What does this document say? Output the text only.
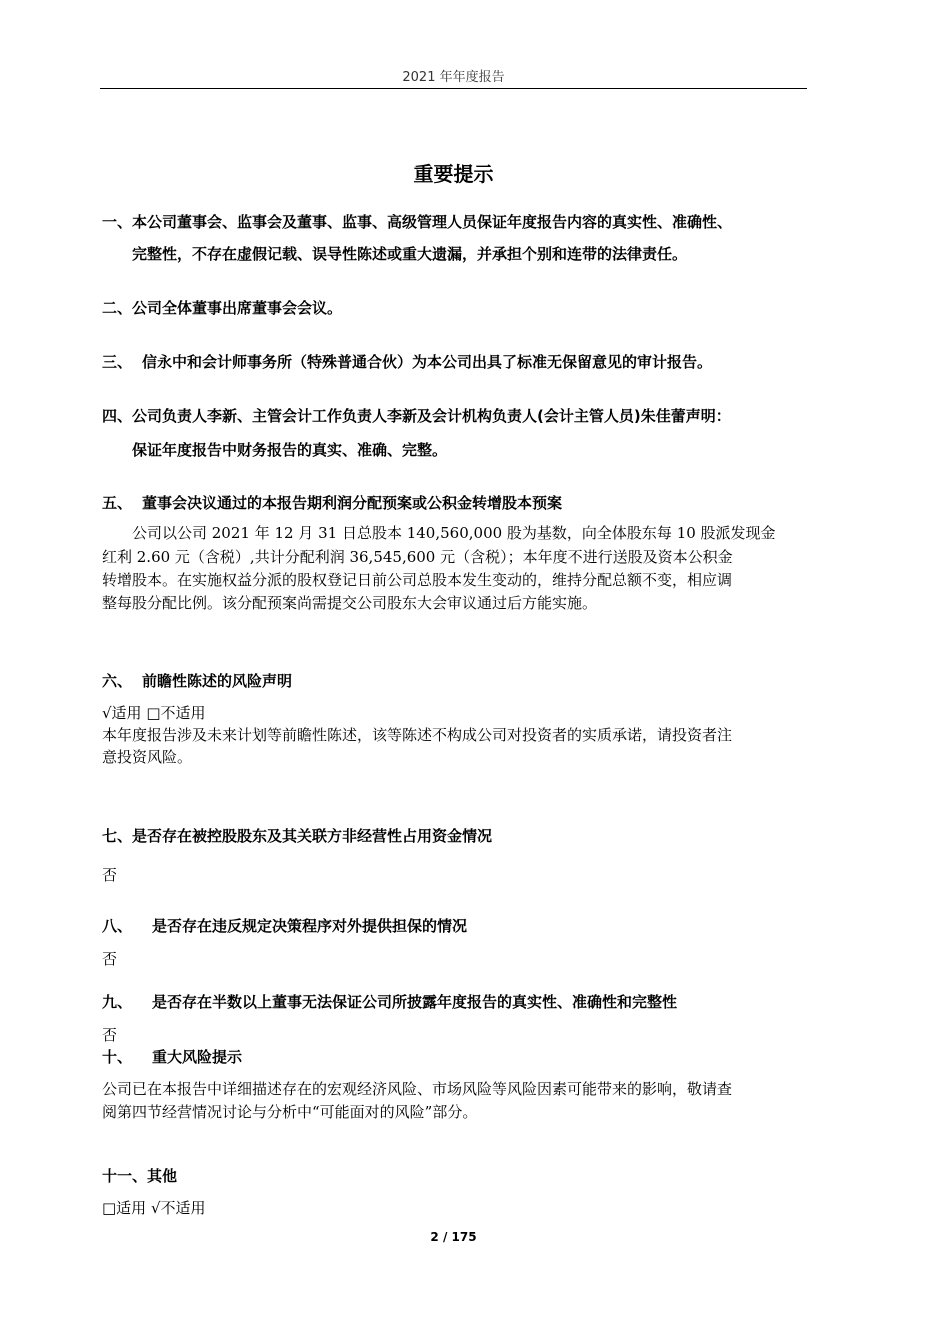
2021 年年度报告
重要提示
一、本公司董事会、监事会及董事、监事、高级管理人员保证年度报告内容的真实性、准确性、
完整性，不存在虚假记载、误导性陈述或重大遗漏，并承担个别和连带的法律责任。
二、公司全体董事出席董事会会议。
三、 信永中和会计师事务所（特殊普通合伙）为本公司出具了标准无保留意见的审计报告。
四、公司负责人李新、主管会计工作负责人李新及会计机构负责人(会计主管人员)朱佳蕾声明：
保证年度报告中财务报告的真实、准确、完整。
五、 董事会决议通过的本报告期利润分配预案或公积金转增股本预案
　　公司以公司 2021 年 12 月 31 日总股本 140,560,000 股为基数，向全体股东每 10 股派发现金
红利 2.60 元（含税）,共计分配利润 36,545,600 元（含税）；本年度不进行送股及资本公积金
转增股本。在实施权益分派的股权登记日前公司总股本发生变动的，维持分配总额不变，相应调
整每股分配比例。该分配预案尚需提交公司股东大会审议通过后方能实施。
六、 前瞻性陈述的风险声明
√适用 □不适用
本年度报告涉及未来计划等前瞻性陈述，该等陈述不构成公司对投资者的实质承诺，请投资者注
意投资风险。
七、是否存在被控股股东及其关联方非经营性占用资金情况
否
八、 是否存在违反规定决策程序对外提供担保的情况
否
九、 是否存在半数以上董事无法保证公司所披露年度报告的真实性、准确性和完整性
否
十、 重大风险提示
公司已在本报告中详细描述存在的宏观经济风险、市场风险等风险因素可能带来的影响，敬请查
阅第四节经营情况讨论与分析中“可能面对的风险”部分。
十一、其他
□适用 √不适用
2 / 175
